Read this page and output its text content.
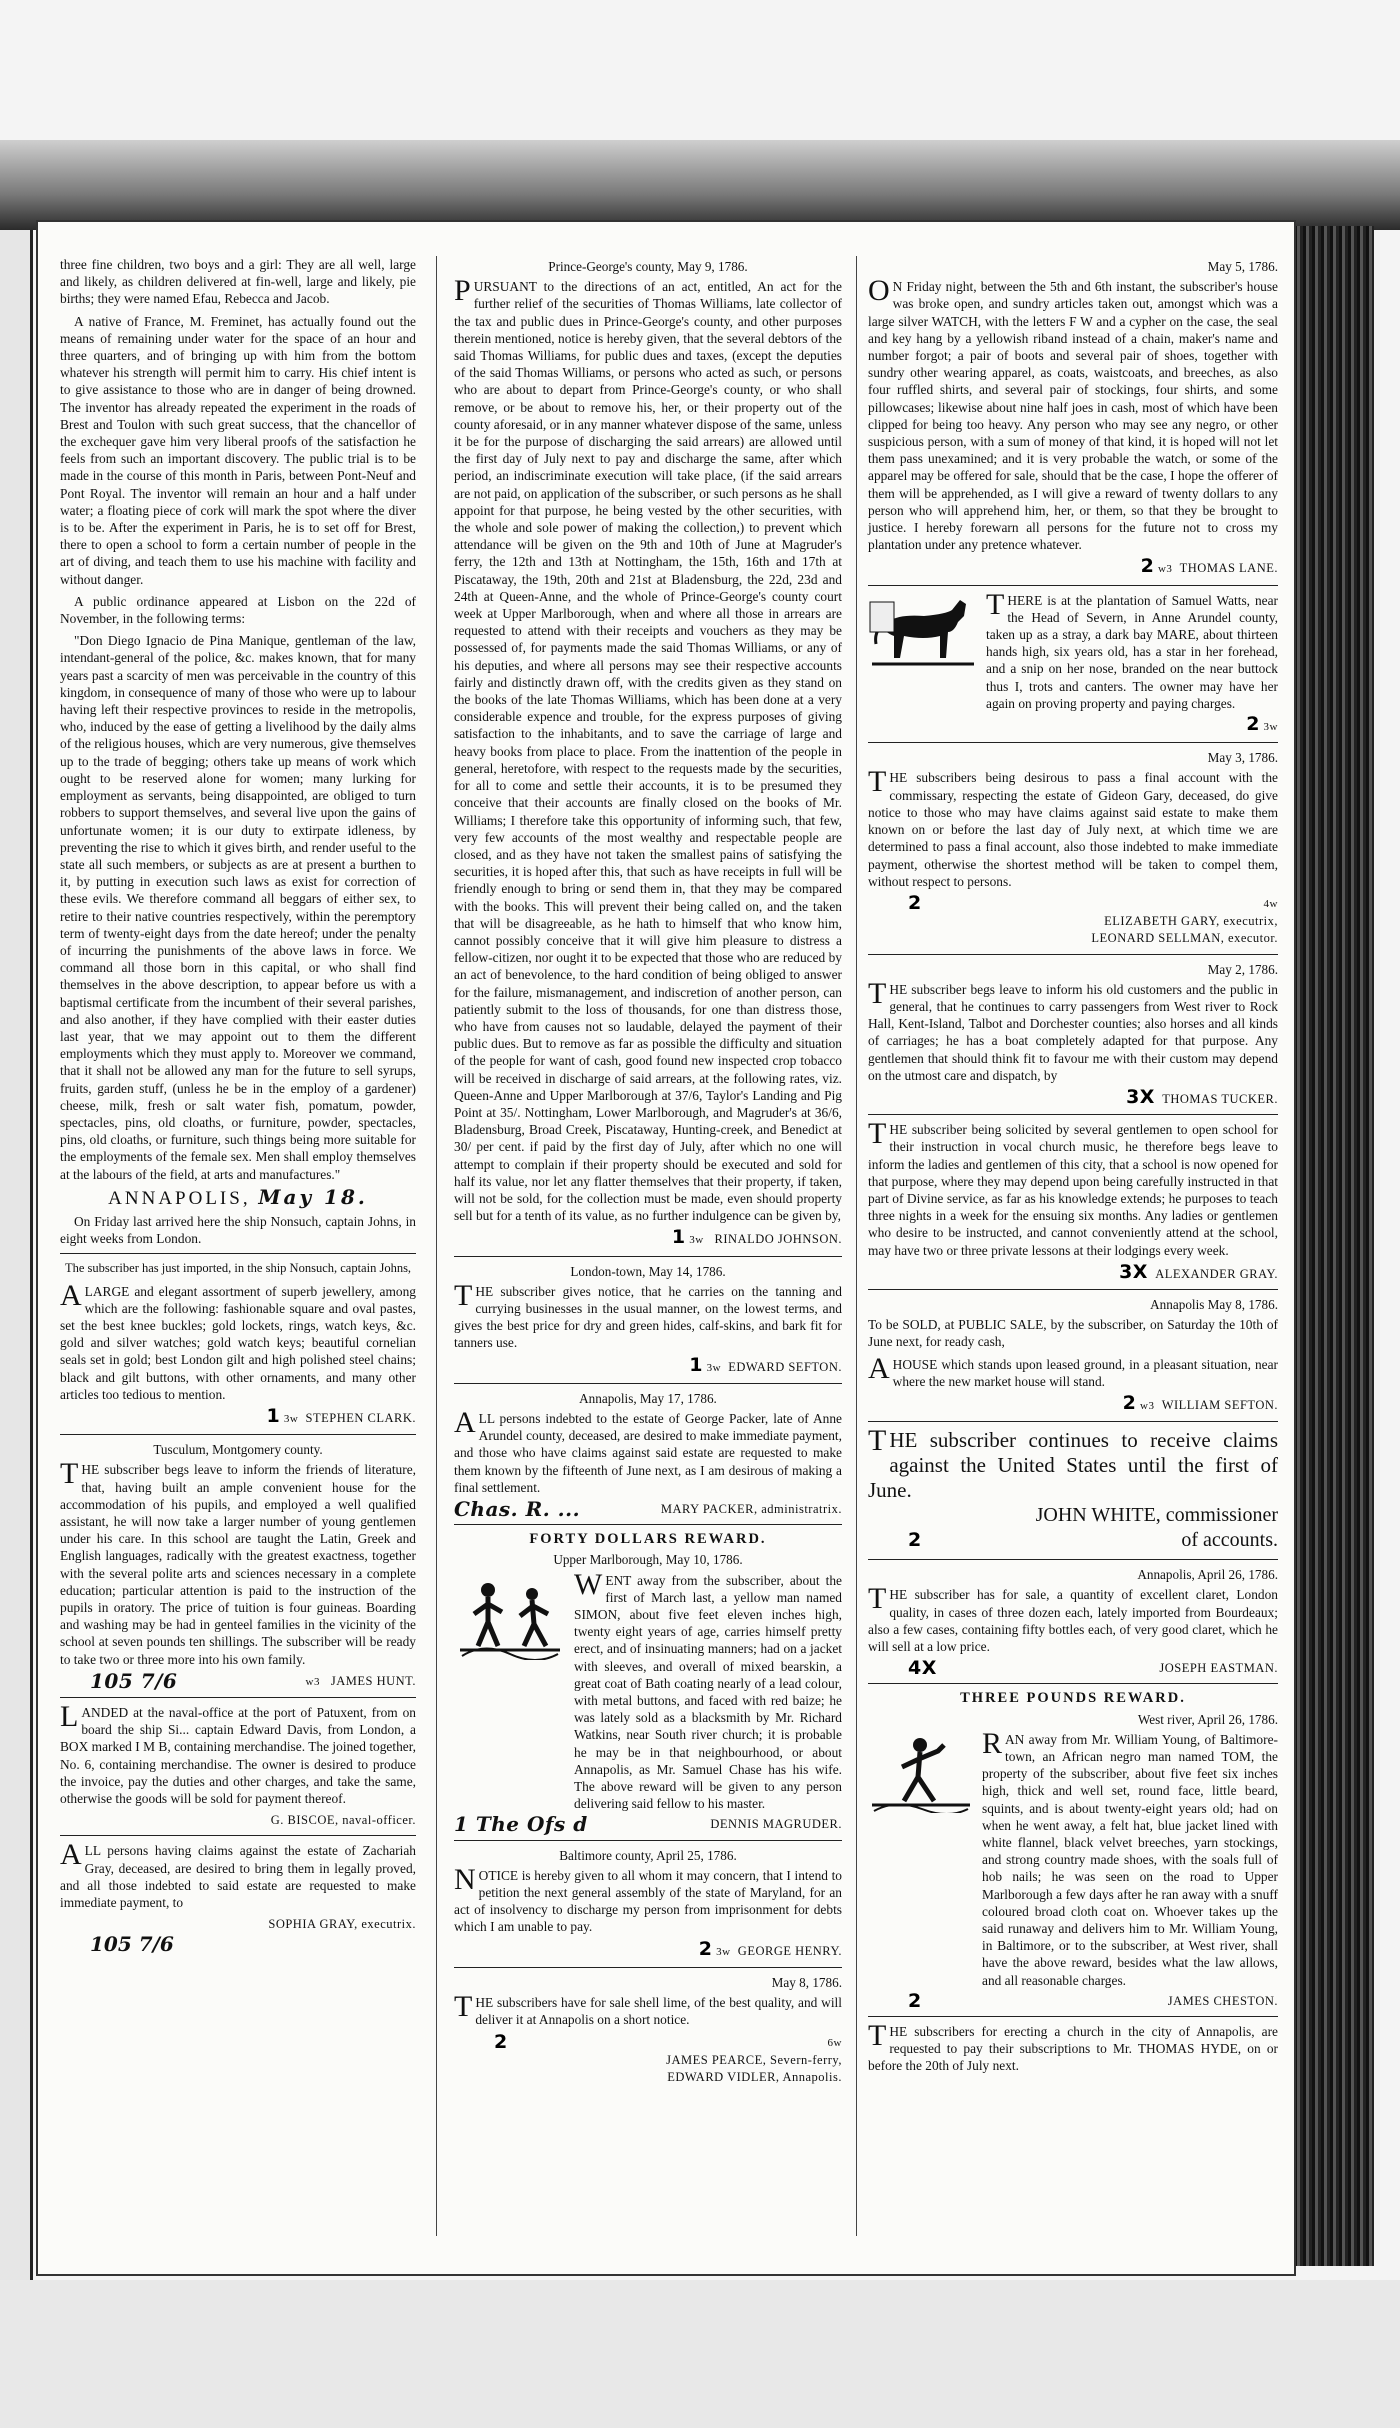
three fine children, two boys and a girl: They are all well, large and likely, as children delivered at fin-well, large and likely, pie births; they were named Efau, Rebecca and Jacob.

A native of France, M. Freminet, has actually found out the means of remaining under water for the space of an hour and three quarters, and of bringing up with him from the bottom whatever his strength will permit him to carry. His chief intent is to give assistance to those who are in danger of being drowned. The inventor has already repeated the experiment in the roads of Brest and Toulon with such great success, that the chancellor of the exchequer gave him very liberal proofs of the satisfaction he feels from such an important discovery. The public trial is to be made in the course of this month in Paris, between Pont-Neuf and Pont Royal. The inventor will remain an hour and a half under water; a floating piece of cork will mark the spot where the diver is to be. After the experiment in Paris, he is to set off for Brest, there to open a school to form a certain number of people in the art of diving, and teach them to use his machine with facility and without danger.

A public ordinance appeared at Lisbon on the 22d of November, in the following terms:

"Don Diego Ignacio de Pina Manique, gentleman of the law, intendant-general of the police, &c. makes known, that for many years past a scarcity of men was perceivable in the country of this kingdom, in consequence of many of those who were up to labour having left their respective provinces to reside in the metropolis, who, induced by the ease of getting a livelihood by the daily alms of the religious houses, which are very numerous, give themselves up to the trade of begging; others take up means of work which ought to be reserved alone for women; many lurking for employment as servants, being disappointed, are obliged to turn robbers to support themselves, and several live upon the gains of unfortunate women; it is our duty to extirpate idleness, by preventing the rise to which it gives birth, and render useful to the state all such members, or subjects as are at present a burthen to it, by putting in execution such laws as exist for correction of these evils. We therefore command all beggars of either sex, to retire to their native countries respectively, within the peremptory term of twenty-eight days from the date hereof; under the penalty of incurring the punishments of the above laws in force. We command all those born in this capital, or who shall find themselves in the above description, to appear before us with a baptismal certificate from the incumbent of their several parishes, and also another, if they have complied with their easter duties last year, that we may appoint out to them the different employments which they must apply to. Moreover we command, that it shall not be allowed any man for the future to sell syrups, fruits, garden stuff, (unless he be in the employ of a gardener) cheese, milk, fresh or salt water fish, pomatum, powder, spectacles, pins, old cloaths, or furniture, powder, spectacles, pins, old cloaths, or furniture, such things being more suitable for the employments of the female sex. Men shall employ themselves at the labours of the field, at arts and manufactures."

ANNAPOLIS, May 18.

On Friday last arrived here the ship Nonsuch, captain Johns, in eight weeks from London.

The subscriber has just imported, in the ship Nonsuch, captain Johns,

ALARGE and elegant assortment of superb jewellery, among which are the following: fashionable square and oval pastes, set the best knee buckles; gold lockets, rings, watch keys, &c. gold and silver watches; gold watch keys; beautiful cornelian seals set in gold; best London gilt and high polished steel chains; black and gilt buttons, with other ornaments, and many other articles too tedious to mention.

1 3w STEPHEN CLARK.
Tusculum, Montgomery county.

THE subscriber begs leave to inform the friends of literature, that, having built an ample convenient house for the accommodation of his pupils, and employed a well qualified assistant, he will now take a larger number of young gentlemen under his care. In this school are taught the Latin, Greek and English languages, radically with the greatest exactness, together with the several polite arts and sciences necessary in a complete education; particular attention is paid to the instruction of the pupils in oratory. The price of tuition is four guineas. Boarding and washing may be had in genteel families in the vicinity of the school at seven pounds ten shillings. The subscriber will be ready to take two or three more into his own family.

105 7/6	w3 JAMES HUNT.

LANDED at the naval-office at the port of Patuxent, from on board the ship Si... captain Edward Davis, from London, a BOX marked I M B, containing merchandise. The joined together, No. 6, containing merchandise. The owner is desired to produce the invoice, pay the duties and other charges, and take the same, otherwise the goods will be sold for payment thereof.

G. BISCOE, naval-officer.

ALL persons having claims against the estate of Zachariah Gray, deceased, are desired to bring them in legally proved, and all those indebted to said estate are requested to make immediate payment, to

SOPHIA GRAY, executrix.
105 7/6
Prince-George's county, May 9, 1786.

PURSUANT to the directions of an act, entitled, An act for the further relief of the securities of Thomas Williams, late collector of the tax and public dues in Prince-George's county, and other purposes therein mentioned, notice is hereby given, that the several debtors of the said Thomas Williams, for public dues and taxes, (except the deputies of the said Thomas Williams, or persons who acted as such, or persons who are about to depart from Prince-George's county, or who shall remove, or be about to remove his, her, or their property out of the county aforesaid, or in any manner whatever dispose of the same, unless it be for the purpose of discharging the said arrears) are allowed until the first day of July next to pay and discharge the same, after which period, an indiscriminate execution will take place, (if the said arrears are not paid, on application of the subscriber, or such persons as he shall appoint for that purpose, he being vested by the other securities, with the whole and sole power of making the collection,) to prevent which attendance will be given on the 9th and 10th of June at Magruder's ferry, the 12th and 13th at Nottingham, the 15th, 16th and 17th at Piscataway, the 19th, 20th and 21st at Bladensburg, the 22d, 23d and 24th at Queen-Anne, and the whole of Prince-George's county court week at Upper Marlborough, when and where all those in arrears are requested to attend with their receipts and vouchers as they may be possessed of, for payments made the said Thomas Williams, or any of his deputies, and where all persons may see their respective accounts fairly and distinctly drawn off, with the credits given as they stand on the books of the late Thomas Williams, which has been done at a very considerable expence and trouble, for the express purposes of giving satisfaction to the inhabitants, and to save the carriage of large and heavy books from place to place. From the inattention of the people in general, heretofore, with respect to the requests made by the securities, for all to come and settle their accounts, it is to be presumed they conceive that their accounts are finally closed on the books of Mr. Williams; I therefore take this opportunity of informing such, that few, very few accounts of the most wealthy and respectable people are closed, and as they have not taken the smallest pains of satisfying the securities, it is hoped after this, that such as have receipts in full will be friendly enough to bring or send them in, that they may be compared with the books. This will prevent their being called on, and the taken that will be disagreeable, as he hath to himself that who know him, cannot possibly conceive that it will give him pleasure to distress a fellow-citizen, nor ought it to be expected that those who are reduced by an act of benevolence, to the hard condition of being obliged to answer for the failure, mismanagement, and indiscretion of another person, can patiently submit to the loss of thousands, for one than distress those, who have from causes not so laudable, delayed the payment of their public dues. But to remove as far as possible the difficulty and situation of the people for want of cash, good found new inspected crop tobacco will be received in discharge of said arrears, at the following rates, viz. Queen-Anne and Upper Marlborough at 37/6, Taylor's Landing and Pig Point at 35/. Nottingham, Lower Marlborough, and Magruder's at 36/6, Bladensburg, Broad Creek, Piscataway, Hunting-creek, and Benedict at 30/ per cent. if paid by the first day of July, after which no one will attempt to complain if their property should be executed and sold for half its value, nor let any flatter themselves that their property, if taken, will not be sold, for the collection must be made, even should property sell but for a tenth of its value, as no further indulgence can be given by,

1 3w RINALDO JOHNSON.
London-town, May 14, 1786.

THE subscriber gives notice, that he carries on the tanning and currying businesses in the usual manner, on the lowest terms, and gives the best price for dry and green hides, calf-skins, and bark fit for tanners use.

1 3w EDWARD SEFTON.
Annapolis, May 17, 1786.

ALL persons indebted to the estate of George Packer, late of Anne Arundel county, deceased, are desired to make immediate payment, and those who have claims against said estate are requested to make them known by the fifteenth of June next, as I am desirous of making a final settlement.

Chas. R. ...	MARY PACKER, administratrix.
FORTY DOLLARS REWARD.
Upper Marlborough, May 10, 1786.

WENT away from the subscriber, about the first of March last, a yellow man named SIMON, about five feet eleven inches high, twenty eight years of age, carries himself pretty erect, and of insinuating manners; had on a jacket with sleeves, and overall of mixed bearskin, a great coat of Bath coating nearly of a lead colour, with metal buttons, and faced with red baize; he was lately sold as a blacksmith by Mr. Richard Watkins, near South river church; it is probable he may be in that neighbourhood, or about Annapolis, as Mr. Samuel Chase has his wife. The above reward will be given to any person delivering said fellow to his master.

1 The Ofs d	DENNIS MAGRUDER.
Baltimore county, April 25, 1786.

NOTICE is hereby given to all whom it may concern, that I intend to petition the next general assembly of the state of Maryland, for an act of insolvency to discharge my person from imprisonment for debts which I am unable to pay.

2 3w GEORGE HENRY.
May 8, 1786.

THE subscribers have for sale shell lime, of the best quality, and will deliver it at Annapolis on a short notice.

2	6w
JAMES PEARCE, Severn-ferry,
EDWARD VIDLER, Annapolis.
May 5, 1786.

ON Friday night, between the 5th and 6th instant, the subscriber's house was broke open, and sundry articles taken out, amongst which was a large silver WATCH, with the letters F W and a cypher on the case, the seal and key hang by a yellowish riband instead of a chain, maker's name and number forgot; a pair of boots and several pair of shoes, together with sundry other wearing apparel, as coats, waistcoats, and breeches, as also four ruffled shirts, and several pair of stockings, four shirts, and some pillowcases; likewise about nine half joes in cash, most of which have been clipped for being too heavy. Any person who may see any negro, or other suspicious person, with a sum of money of that kind, it is hoped will not let them pass unexamined; and it is very probable the watch, or some of the apparel may be offered for sale, should that be the case, I hope the offerer of them will be apprehended, as I will give a reward of twenty dollars to any person who will apprehend him, her, or them, so that they be brought to justice. I hereby forewarn all persons for the future not to cross my plantation under any pretence whatever.

2 w3 THOMAS LANE.

THERE is at the plantation of Samuel Watts, near the Head of Severn, in Anne Arundel county, taken up as a stray, a dark bay MARE, about thirteen hands high, six years old, has a star in her forehead, and a snip on her nose, branded on the near buttock thus I, trots and canters. The owner may have her again on proving property and paying charges.

2 3w
May 3, 1786.

THE subscribers being desirous to pass a final account with the commissary, respecting the estate of Gideon Gary, deceased, do give notice to those who may have claims against said estate to make them known on or before the last day of July next, at which time we are determined to pass a final account, also those indebted to make immediate payment, otherwise the shortest method will be taken to compel them, without respect to persons.

2	4w
ELIZABETH GARY, executrix,
LEONARD SELLMAN, executor.
May 2, 1786.

THE subscriber begs leave to inform his old customers and the public in general, that he continues to carry passengers from West river to Rock Hall, Kent-Island, Talbot and Dorchester counties; also horses and all kinds of carriages; he has a boat completely adapted for that purpose. Any gentlemen that should think fit to favour me with their custom may depend on the utmost care and dispatch, by

3X THOMAS TUCKER.

THE subscriber being solicited by several gentlemen to open school for their instruction in vocal church music, he therefore begs leave to inform the ladies and gentlemen of this city, that a school is now opened for that purpose, where they may depend upon being carefully instructed in that part of Divine service, as far as his knowledge extends; he purposes to teach three nights in a week for the ensuing six months. Any ladies or gentlemen who desire to be instructed, and cannot conveniently attend at the school, may have two or three private lessons at their lodgings every week.

3X ALEXANDER GRAY.
Annapolis May 8, 1786.

To be SOLD, at PUBLIC SALE, by the subscriber, on Saturday the 10th of June next, for ready cash,

AHOUSE which stands upon leased ground, in a pleasant situation, near where the new market house will stand.

2 w3 WILLIAM SEFTON.

THE subscriber continues to receive claims against the United States until the first of June.

JOHN WHITE, commissioner
2	of accounts.
Annapolis, April 26, 1786.

THE subscriber has for sale, a quantity of excellent claret, London quality, in cases of three dozen each, lately imported from Bourdeaux; also a few cases, containing fifty bottles each, of very good claret, which he will sell at a low price.

4X	JOSEPH EASTMAN.
THREE POUNDS REWARD.
West river, April 26, 1786.

RAN away from Mr. William Young, of Baltimore-town, an African negro man named TOM, the property of the subscriber, about five feet six inches high, thick and well set, round face, little beard, squints, and is about twenty-eight years old; had on when he went away, a felt hat, blue jacket lined with white flannel, black velvet breeches, yarn stockings, and strong country made shoes, with the soals full of hob nails; he was seen on the road to Upper Marlborough a few days after he ran away with a snuff coloured broad cloth coat on. Whoever takes up the said runaway and delivers him to Mr. William Young, in Baltimore, or to the subscriber, at West river, shall have the above reward, besides what the law allows, and all reasonable charges.

2	JAMES CHESTON.

THE subscribers for erecting a church in the city of Annapolis, are requested to pay their subscriptions to Mr. THOMAS HYDE, on or before the 20th of July next.
